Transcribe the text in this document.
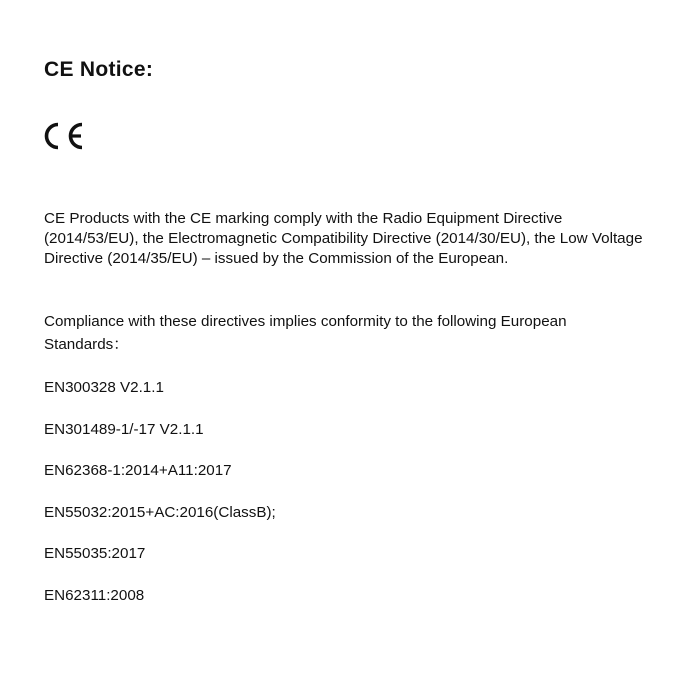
CE Notice:

CE Products with the CE marking comply with the Radio Equipment Directive (2014/53/EU), the Electromagnetic Compatibility Directive (2014/30/EU), the Low Voltage Directive (2014/35/EU) – issued by the Commission of the European.

Compliance with these directives implies conformity to the following European Standards：

EN300328 V2.1.1
EN301489-1/-17 V2.1.1
EN62368-1:2014+A11:2017
EN55032:2015+AC:2016(ClassB);
EN55035:2017
EN62311:2008
